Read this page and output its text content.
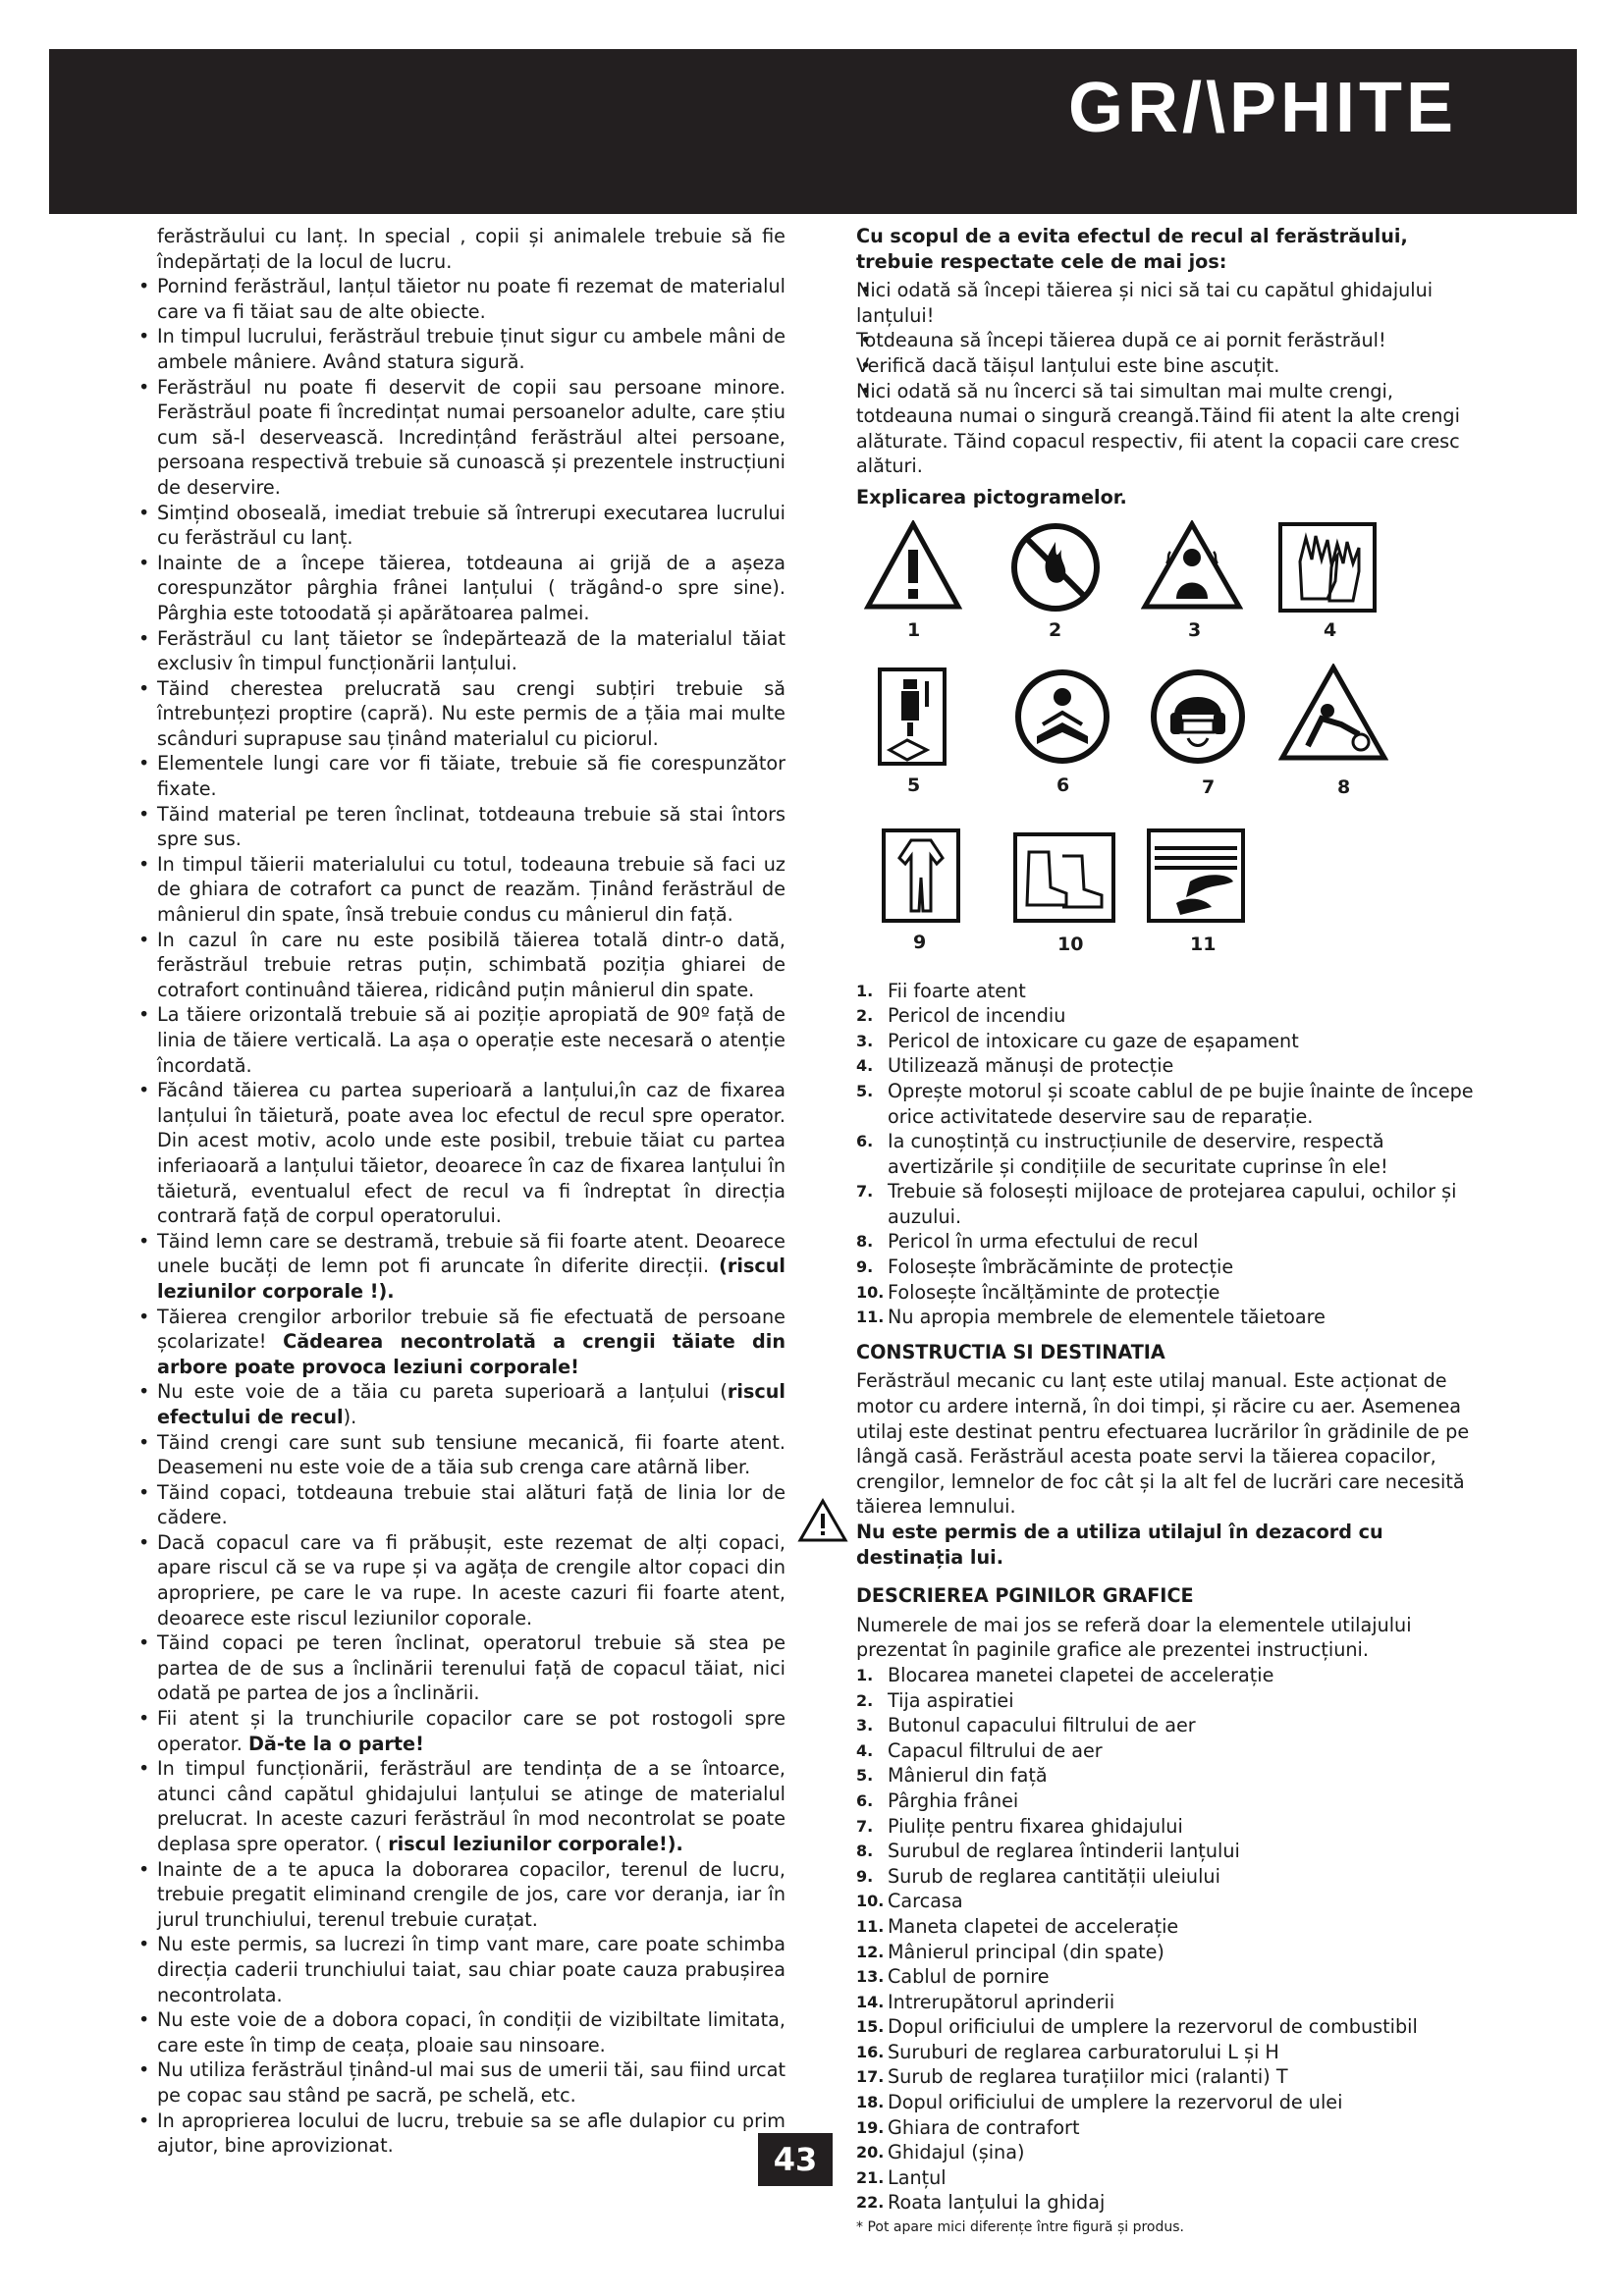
GR/\PHITE
ferăstrăului cu lanț. In special , copii și animalele trebuie să fie îndepărtați de la locul de lucru.
• Pornind ferăstrăul, lanțul tăietor nu poate fi rezemat de materialul care va fi tăiat sau de alte obiecte.
• In timpul lucrului, ferăstrăul trebuie ținut sigur cu ambele mâni de ambele mâniere. Având statura sigură.
• Ferăstrăul nu poate fi deservit de copii sau persoane minore. Ferăstrăul poate fi încredințat numai persoanelor adulte, care știu cum să-l deservească. Incredințând ferăstrăul altei persoane, persoana respectivă trebuie să cunoască și prezentele instrucțiuni de deservire.
• Simțind oboseală, imediat trebuie să întrerupi executarea lucrului cu ferăstrăul cu lanț.
• Inainte de a începe tăierea, totdeauna ai grijă de a așeza corespunzător pârghia frânei lanțului ( trăgând-o spre sine). Pârghia este totoodată și apărătoarea palmei.
• Ferăstrăul cu lanț tăietor se îndepărtează de la materialul tăiat exclusiv în timpul funcționării lanțului.
• Tăind cherestea prelucrată sau crengi subțiri trebuie să întrebunțezi proptire (capră). Nu este permis de a țăia mai multe scânduri suprapuse sau ținând materialul cu piciorul.
• Elementele lungi care vor fi tăiate, trebuie să fie corespunzător fixate.
• Tăind material pe teren înclinat, totdeauna trebuie să stai întors spre sus.
• In timpul tăierii materialului cu totul, todeauna trebuie să faci uz de ghiara de cotrafort ca punct de reazăm. Ținând ferăstrăul de mânierul din spate, însă trebuie condus cu mânierul din față.
• In cazul în care nu este posibilă tăierea totală dintr-o dată, ferăstrăul trebuie retras puțin, schimbată poziția ghiarei de cotrafort continuând tăierea, ridicând puțin mânierul din spate.
• La tăiere orizontală trebuie să ai poziție apropiată de 90º față de linia de tăiere verticală. La așa o operație este necesară o atenție încordată.
• Făcând tăierea cu partea superioară a lanțului,în caz de fixarea lanțului în tăietură, poate avea loc efectul de recul spre operator. Din acest motiv, acolo unde este posibil, trebuie tăiat cu partea inferiaoară a lanțului tăietor, deoarece în caz de fixarea lanțului în tăietură, eventualul efect de recul va fi îndreptat în direcția contrară față de corpul operatorului.
• Tăind lemn care se destramă, trebuie să fii foarte atent. Deoarece unele bucăți de lemn pot fi aruncate în diferite direcții. (riscul leziunilor corporale !).
• Tăierea crengilor arborilor trebuie să fie efectuată de persoane școlarizate! Cădearea necontrolată a crengii tăiate din arbore poate provoca leziuni corporale!
• Nu este voie de a tăia cu pareta superioară a lanțului (riscul efectului de recul).
• Tăind crengi care sunt sub tensiune mecanică, fii foarte atent. Deasemeni nu este voie de a tăia sub crenga care atârnă liber.
• Tăind copaci, totdeauna trebuie stai alături față de linia lor de cădere.
• Dacă copacul care va fi prăbușit, este rezemat de alți copaci, apare riscul că se va rupe și va agăța de crengile altor copaci din apropriere, pe care le va rupe. In aceste cazuri fii foarte atent, deoarece este riscul leziunilor coporale.
• Tăind copaci pe teren înclinat, operatorul trebuie să stea pe partea de de sus a înclinării terenului față de copacul tăiat, nici odată pe partea de jos a înclinării.
• Fii atent și la trunchiurile copacilor care se pot rostogoli spre operator. Dă-te la o parte!
• In timpul funcționării, ferăstrăul are tendința de a se întoarce, atunci când capătul ghidajului lanțului se atinge de materialul prelucrat. In aceste cazuri ferăstrăul în mod necontrolat se poate deplasa spre operator. ( riscul leziunilor corporale!).
• Inainte de a te apuca la doborarea copacilor, terenul de lucru, trebuie pregatit eliminand crengile de jos, care vor deranja, iar în jurul trunchiului, terenul trebuie curațat.
• Nu este permis, sa lucrezi în timp vant mare, care poate schimba direcția caderii trunchiului taiat, sau chiar poate cauza prabușirea necontrolata.
• Nu este voie de a dobora copaci, în condiții de vizibiltate limitata, care este în timp de ceața, ploaie sau ninsoare.
• Nu utiliza ferăstrăul ținând-ul mai sus de umerii tăi, sau fiind urcat pe copac sau stând pe sacră, pe schelă, etc.
• In apropriereа locului de lucru, trebuie sa se afle dulapior cu prim ajutor, bine aprovizionat.
Cu scopul de a evita efectul de recul al ferăstrăului, trebuie respectate cele de mai jos:
• Nici odată să începi tăierea și nici să tai cu capătul ghidajului lanțului!
• Totdeauna să începi tăierea după ce ai pornit ferăstrăul!
• Verifică dacă tăișul lanțului este bine ascuțit.
• Nici odată să nu încerci să tai simultan mai multe crengi, totdeauna numai o singură creangă.Tăind fii atent la alte crengi alăturate. Tăind copacul respectiv, fii atent la copacii care cresc alături.
Explicarea pictogramelor.
1	2	3	4
5	6	7	8
9	10	11
1. Fii foarte atent
2. Pericol de incendiu
3. Pericol de intoxicare cu gaze de eșapament
4. Utilizează mănuși de protecție
5. Oprește motorul și scoate cablul de pe bujie înainte de începe orice activitatede deservire sau de reparație.
6. Ia cunoștință cu instrucțiunile de deservire, respectă avertizările și condițiile de securitate cuprinse în ele!
7. Trebuie să folosești mijloace de protejarea capului, ochilor și auzului.
8. Pericol în urma efectului de recul
9. Folosește îmbrăcăminte de protecție
10. Folosește încălțăminte de protecție
11. Nu apropia membrele de elementele tăietoare
CONSTRUCTIA SI DESTINATIA
Ferăstrăul mecanic cu lanț este utilaj manual. Este acționat de motor cu ardere internă, în doi timpi, și răcire cu aer. Asemenea utilaj este destinat pentru efectuarea lucrărilor în grădinile de pe lângă casă. Ferăstrăul acesta poate servi la tăierea copacilor, crengilor, lemnelor de foc cât și la alt fel de lucrări care necesită tăierea lemnului.
Nu este permis de a utiliza utilajul în dezacord cu destinația lui.
DESCRIEREA PGINILOR GRAFICE
Numerele de mai jos se referă doar la elementele utilajului prezentat în paginile grafice ale prezentei instrucțiuni.
1. Blocarea manetei clapetei de accelerație
2. Tija aspiratiei
3. Butonul capacului filtrului de aer
4. Capacul filtrului de aer
5. Mânierul din față
6. Pârghia frânei
7. Piulițe pentru fixarea ghidajului
8. Surubul de reglarea întinderii lanțului
9. Surub de reglarea cantității uleiului
10. Carcasa
11. Maneta clapetei de accelerație
12. Mânierul principal (din spate)
13. Cablul de pornire
14. Intrerupătorul aprinderii
15. Dopul orificiului de umplere la rezervorul de combustibil
16. Suruburi de reglarea carburatorului L și H
17. Surub de reglarea turațiilor mici (ralanti) T
18. Dopul orificiului de umplere la rezervorul de ulei
19. Ghiara de contrafort
20. Ghidajul (șina)
21. Lanțul
22. Roata lanțului la ghidaj
* Pot apare mici diferențe între figură și produs.
43
